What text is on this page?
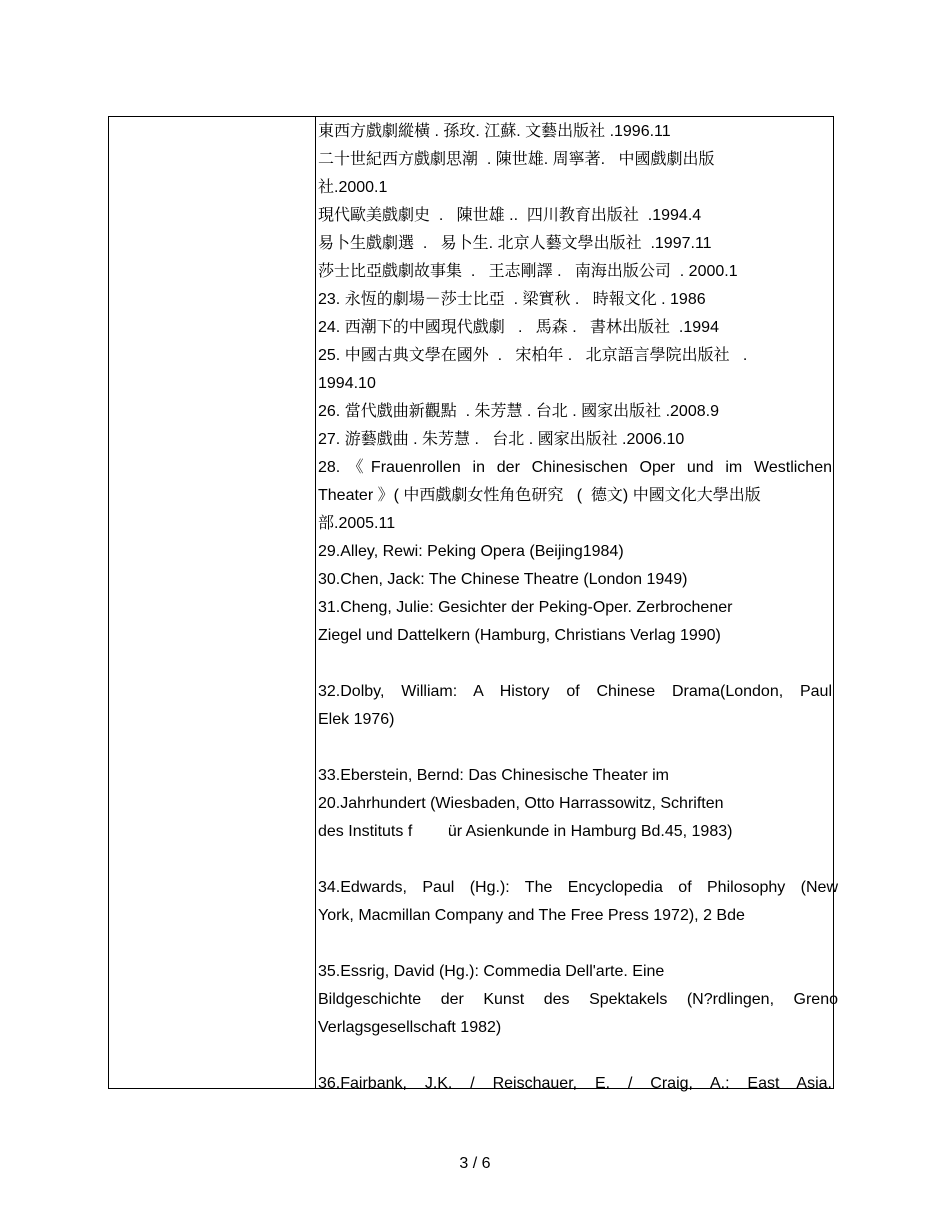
東西方戲劇縱橫 . 孫玫. 江蘇. 文藝出版社 .1996.11
二十世紀西方戲劇思潮  . 陳世雄. 周寧著.   中國戲劇出版
社.2000.1
現代歐美戲劇史  .   陳世雄 ..  四川教育出版社  .1994.4
易卜生戲劇選  .   易卜生. 北京人藝文學出版社  .1997.11
莎士比亞戲劇故事集  .   王志剛譯 .   南海出版公司  . 2000.1
23. 永恆的劇場－莎士比亞  . 梁實秋 .   時報文化 . 1986
24. 西潮下的中國現代戲劇   .   馬森 .   書林出版社  .1994
25. 中國古典文學在國外  .   宋柏年 .   北京語言學院出版社   .
1994.10
26. 當代戲曲新觀點  . 朱芳慧 . 台北 . 國家出版社 .2008.9
27. 游藝戲曲 . 朱芳慧 .   台北 . 國家出版社 .2006.10
28.《Frauenrollen in der Chinesischen Oper und im Westlichen
Theater 》( 中西戲劇女性角色研究   (  德文) 中國文化大學出版
部.2005.11
29.Alley, Rewi: Peking Opera (Beijing1984)
30.Chen, Jack: The Chinese Theatre (London 1949)
31.Cheng, Julie: Gesichter der Peking-Oper. Zerbrochener
Ziegel und Dattelkern (Hamburg, Christians Verlag 1990)
32.Dolby, William: A History of Chinese Drama(London, Paul
Elek 1976)
33.Eberstein, Bernd: Das Chinesische Theater im
20.Jahrhundert (Wiesbaden, Otto Harrassowitz, Schriften
des Instituts f        ür Asienkunde in Hamburg Bd.45, 1983)
34.Edwards, Paul (Hg.): The Encyclopedia of Philosophy (New
York, Macmillan Company and The Free Press 1972), 2 Bde
35.Essrig, David (Hg.): Commedia Dell'arte. Eine
Bildgeschichte der Kunst des Spektakels (N?rdlingen, Greno
Verlagsgesellschaft 1982)
36.Fairbank, J.K. / Reischauer, E. / Craig, A.: East Asia.
3 / 6
